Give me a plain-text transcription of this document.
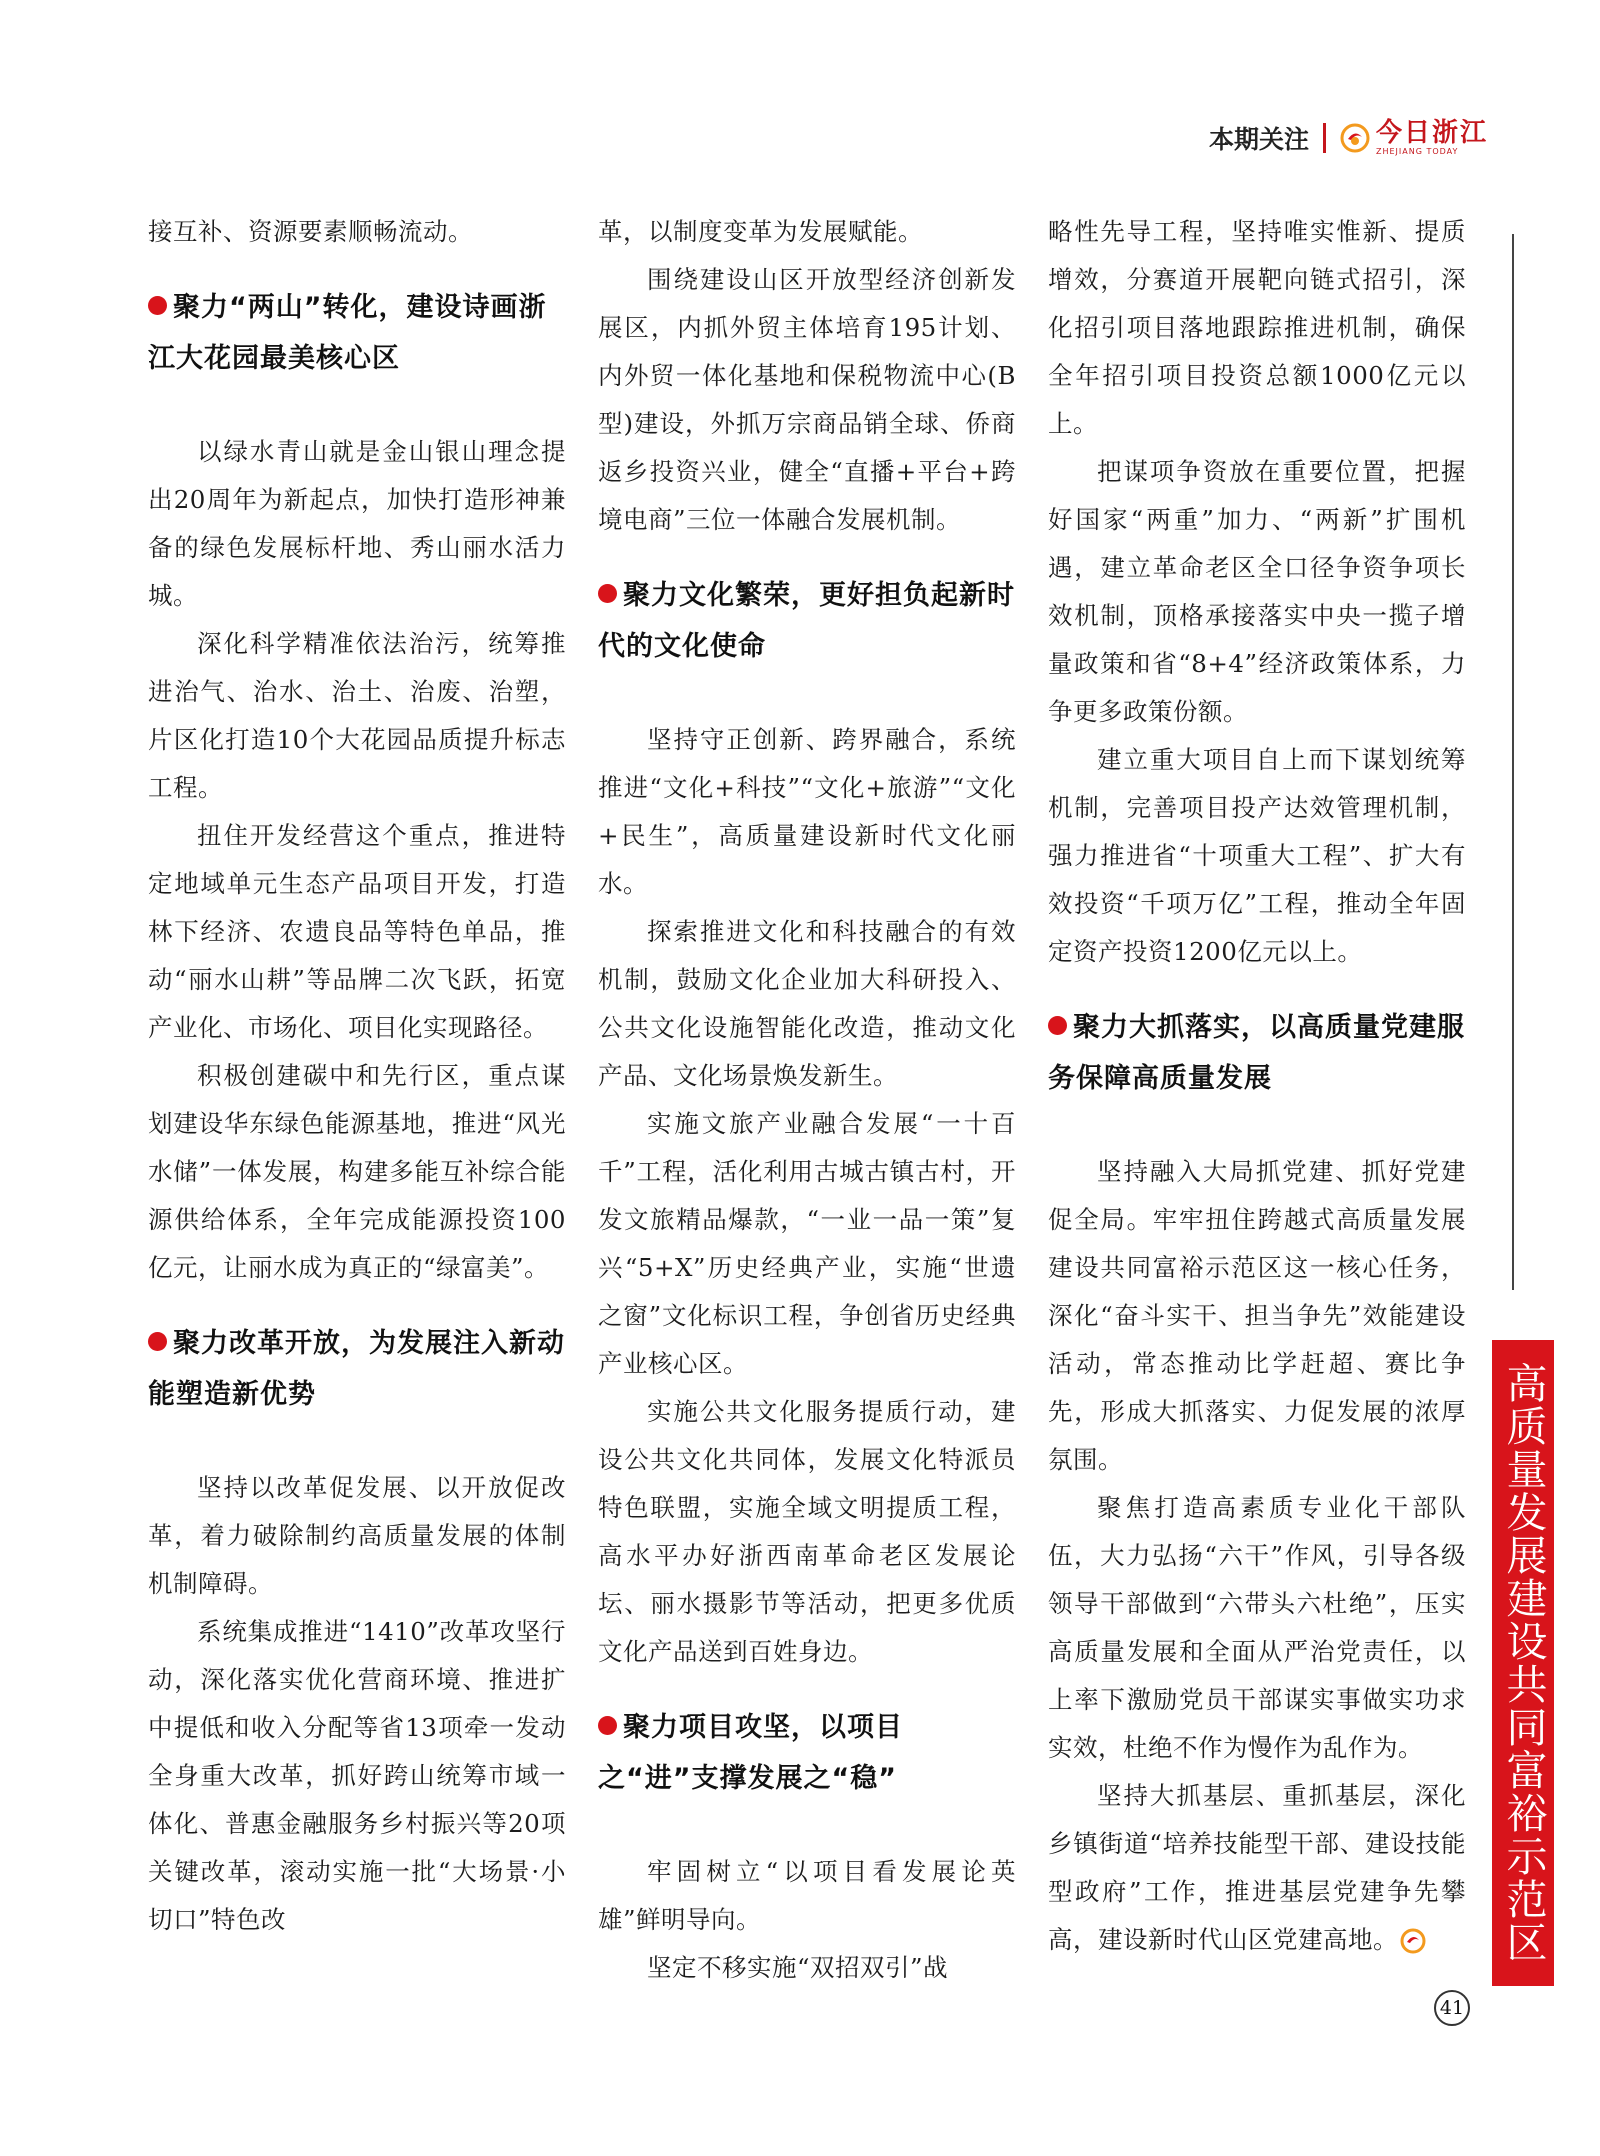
本期关注	今日浙江
ZHEJIANG TODAY

接互补、资源要素顺畅流动。

聚力“两山”转化，建设诗画浙江大花园最美核心区

以绿水青山就是金山银山理念提出20周年为新起点，加快打造形神兼备的绿色发展标杆地、秀山丽水活力城。

深化科学精准依法治污，统筹推进治气、治水、治土、治废、治塑，片区化打造10个大花园品质提升标志工程。

扭住开发经营这个重点，推进特定地域单元生态产品项目开发，打造林下经济、农遗良品等特色单品，推动“丽水山耕”等品牌二次飞跃，拓宽产业化、市场化、项目化实现路径。

积极创建碳中和先行区，重点谋划建设华东绿色能源基地，推进“风光水储”一体发展，构建多能互补综合能源供给体系，全年完成能源投资100亿元，让丽水成为真正的“绿富美”。

聚力改革开放，为发展注入新动能塑造新优势

坚持以改革促发展、以开放促改革，着力破除制约高质量发展的体制机制障碍。

系统集成推进“1410”改革攻坚行动，深化落实优化营商环境、推进扩中提低和收入分配等省13项牵一发动全身重大改革，抓好跨山统筹市域一体化、普惠金融服务乡村振兴等20项关键改革，滚动实施一批“大场景·小切口”特色改

革，以制度变革为发展赋能。

围绕建设山区开放型经济创新发展区，内抓外贸主体培育195计划、内外贸一体化基地和保税物流中心(B型)建设，外抓万宗商品销全球、侨商返乡投资兴业，健全“直播+平台+跨境电商”三位一体融合发展机制。

聚力文化繁荣，更好担负起新时代的文化使命

坚持守正创新、跨界融合，系统推进“文化+科技”“文化+旅游”“文化+民生”，高质量建设新时代文化丽水。

探索推进文化和科技融合的有效机制，鼓励文化企业加大科研投入、公共文化设施智能化改造，推动文化产品、文化场景焕发新生。

实施文旅产业融合发展“一十百千”工程，活化利用古城古镇古村，开发文旅精品爆款，“一业一品一策”复兴“5+X”历史经典产业，实施“世遗之窗”文化标识工程，争创省历史经典产业核心区。

实施公共文化服务提质行动，建设公共文化共同体，发展文化特派员特色联盟，实施全域文明提质工程，高水平办好浙西南革命老区发展论坛、丽水摄影节等活动，把更多优质文化产品送到百姓身边。

聚力项目攻坚，以项目之“进”支撑发展之“稳”

牢固树立“以项目看发展论英雄”鲜明导向。

坚定不移实施“双招双引”战

略性先导工程，坚持唯实惟新、提质增效，分赛道开展靶向链式招引，深化招引项目落地跟踪推进机制，确保全年招引项目投资总额1000亿元以上。

把谋项争资放在重要位置，把握好国家“两重”加力、“两新”扩围机遇，建立革命老区全口径争资争项长效机制，顶格承接落实中央一揽子增量政策和省“8+4”经济政策体系，力争更多政策份额。

建立重大项目自上而下谋划统筹机制，完善项目投产达效管理机制，强力推进省“十项重大工程”、扩大有效投资“千项万亿”工程，推动全年固定资产投资1200亿元以上。

聚力大抓落实，以高质量党建服务保障高质量发展

坚持融入大局抓党建、抓好党建促全局。牢牢扭住跨越式高质量发展建设共同富裕示范区这一核心任务，深化“奋斗实干、担当争先”效能建设活动，常态推动比学赶超、赛比争先，形成大抓落实、力促发展的浓厚氛围。

聚焦打造高素质专业化干部队伍，大力弘扬“六干”作风，引导各级领导干部做到“六带头六杜绝”，压实高质量发展和全面从严治党责任，以上率下激励党员干部谋实事做实功求实效，杜绝不作为慢作为乱作为。

坚持大抓基层、重抓基层，深化乡镇街道“培养技能型干部、建设技能型政府”工作，推进基层党建争先攀高，建设新时代山区党建高地。	高质量发展建设共同富裕示范区
41
